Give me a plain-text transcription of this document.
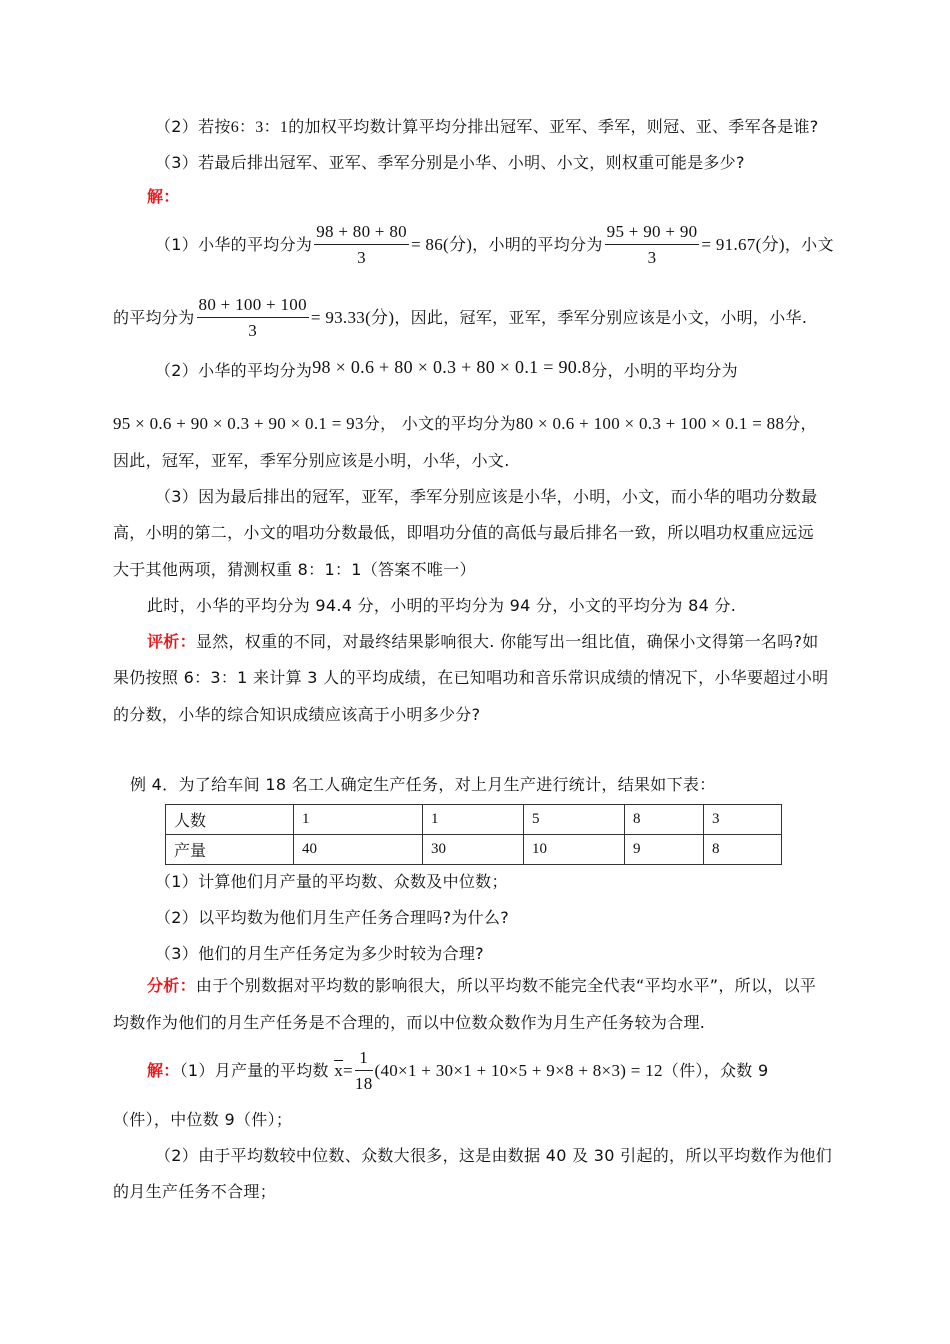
（2）若按6：3：1的加权平均数计算平均分排出冠军、亚军、季军，则冠、亚、季军各是谁?
（3）若最后排出冠军、亚军、季军分别是小华、小明、小文，则权重可能是多少?
解：
（1）小华的平均分为 $\frac{98 + 80 + 80}{3} = 86$(分)，小明的平均分为 $\frac{95 + 90 + 90}{3} = 91.67$(分)，小文
的平均分为 $\frac{80 + 100 + 100}{3} = 93.33$(分)，因此，冠军，亚军，季军分别应该是小文，小明，小华.
（2）小华的平均分为98 × 0.6 + 80 × 0.3 + 80 × 0.1 = 90.8分，小明的平均分为
95 × 0.6 + 90 × 0.3 + 90 × 0.1 = 93分， 小文的平均分为80 × 0.6 + 100 × 0.3 + 100 × 0.1 = 88分，
因此，冠军，亚军，季军分别应该是小明，小华，小文.
（3）因为最后排出的冠军，亚军，季军分别应该是小华，小明，小文，而小华的唱功分数最
高，小明的第二，小文的唱功分数最低，即唱功分值的高低与最后排名一致，所以唱功权重应远远
大于其他两项，猜测权重 8：1：1（答案不唯一）
此时，小华的平均分为 94.4 分，小明的平均分为 94 分，小文的平均分为 84 分.
评析：显然，权重的不同，对最终结果影响很大. 你能写出一组比值，确保小文得第一名吗?如
果仍按照 6：3：1 来计算 3 人的平均成绩，在已知唱功和音乐常识成绩的情况下，小华要超过小明
的分数，小华的综合知识成绩应该高于小明多少分?
例 4．为了给车间 18 名工人确定生产任务，对上月生产进行统计，结果如下表：
人数	1	1	5	8	3
产量	40	30	10	9	8
（1）计算他们月产量的平均数、众数及中位数；
（2）以平均数为他们月生产任务合理吗?为什么?
（3）他们的月生产任务定为多少时较为合理?
分析：由于个别数据对平均数的影响很大，所以平均数不能完全代表“平均水平”，所以，以平
均数作为他们的月生产任务是不合理的，而以中位数众数作为月生产任务较为合理.
解：（1）月产量的平均数 $\overline{x}= \frac{1}{18} (40\times 1 + 30\times 1 + 10\times 5 + 9\times 8 + 8\times 3) = 12$（件），众数 9
（件），中位数 9（件）；
（2）由于平均数较中位数、众数大很多，这是由数据 40 及 30 引起的，所以平均数作为他们
的月生产任务不合理；
